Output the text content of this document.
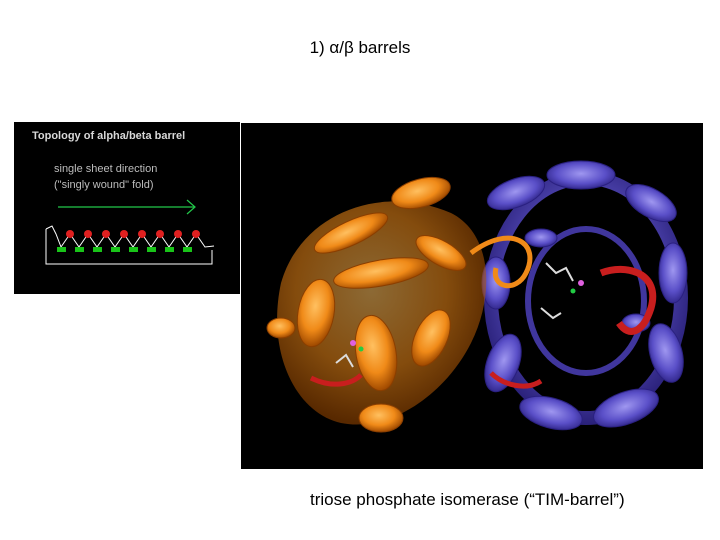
1) α/β barrels
Topology of alpha/beta barrel
single sheet direction
("singly wound" fold)
triose phosphate isomerase (“TIM-barrel”)
